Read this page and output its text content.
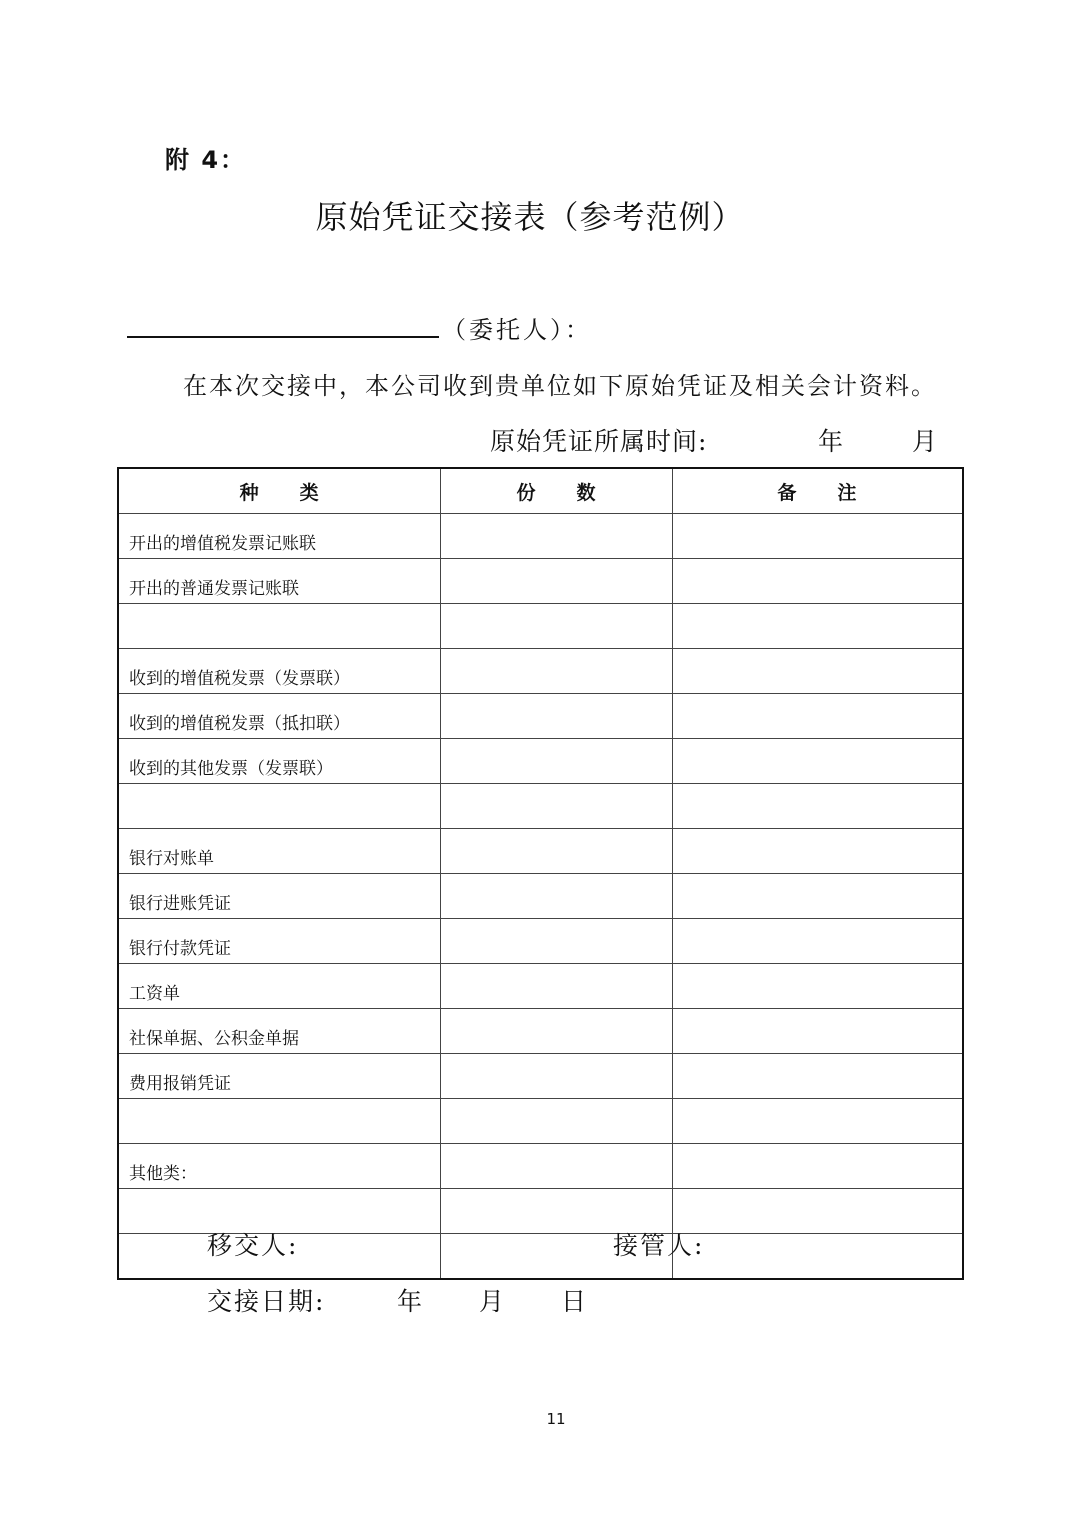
附 4：
原始凭证交接表（参考范例）
（委托人）：
在本次交接中，本公司收到贵单位如下原始凭证及相关会计资料。
原始凭证所属时间:	年	月
种　　类	份　　数	备　　注
开出的增值税发票记账联		
开出的普通发票记账联		

收到的增值税发票（发票联）		
收到的增值税发票（抵扣联）		
收到的其他发票（发票联）		

银行对账单		
银行进账凭证		
银行付款凭证		
工资单		
社保单据、公积金单据		
费用报销凭证		

其他类：		

移交人:	接管人:
交接日期:	年 月 日
11
